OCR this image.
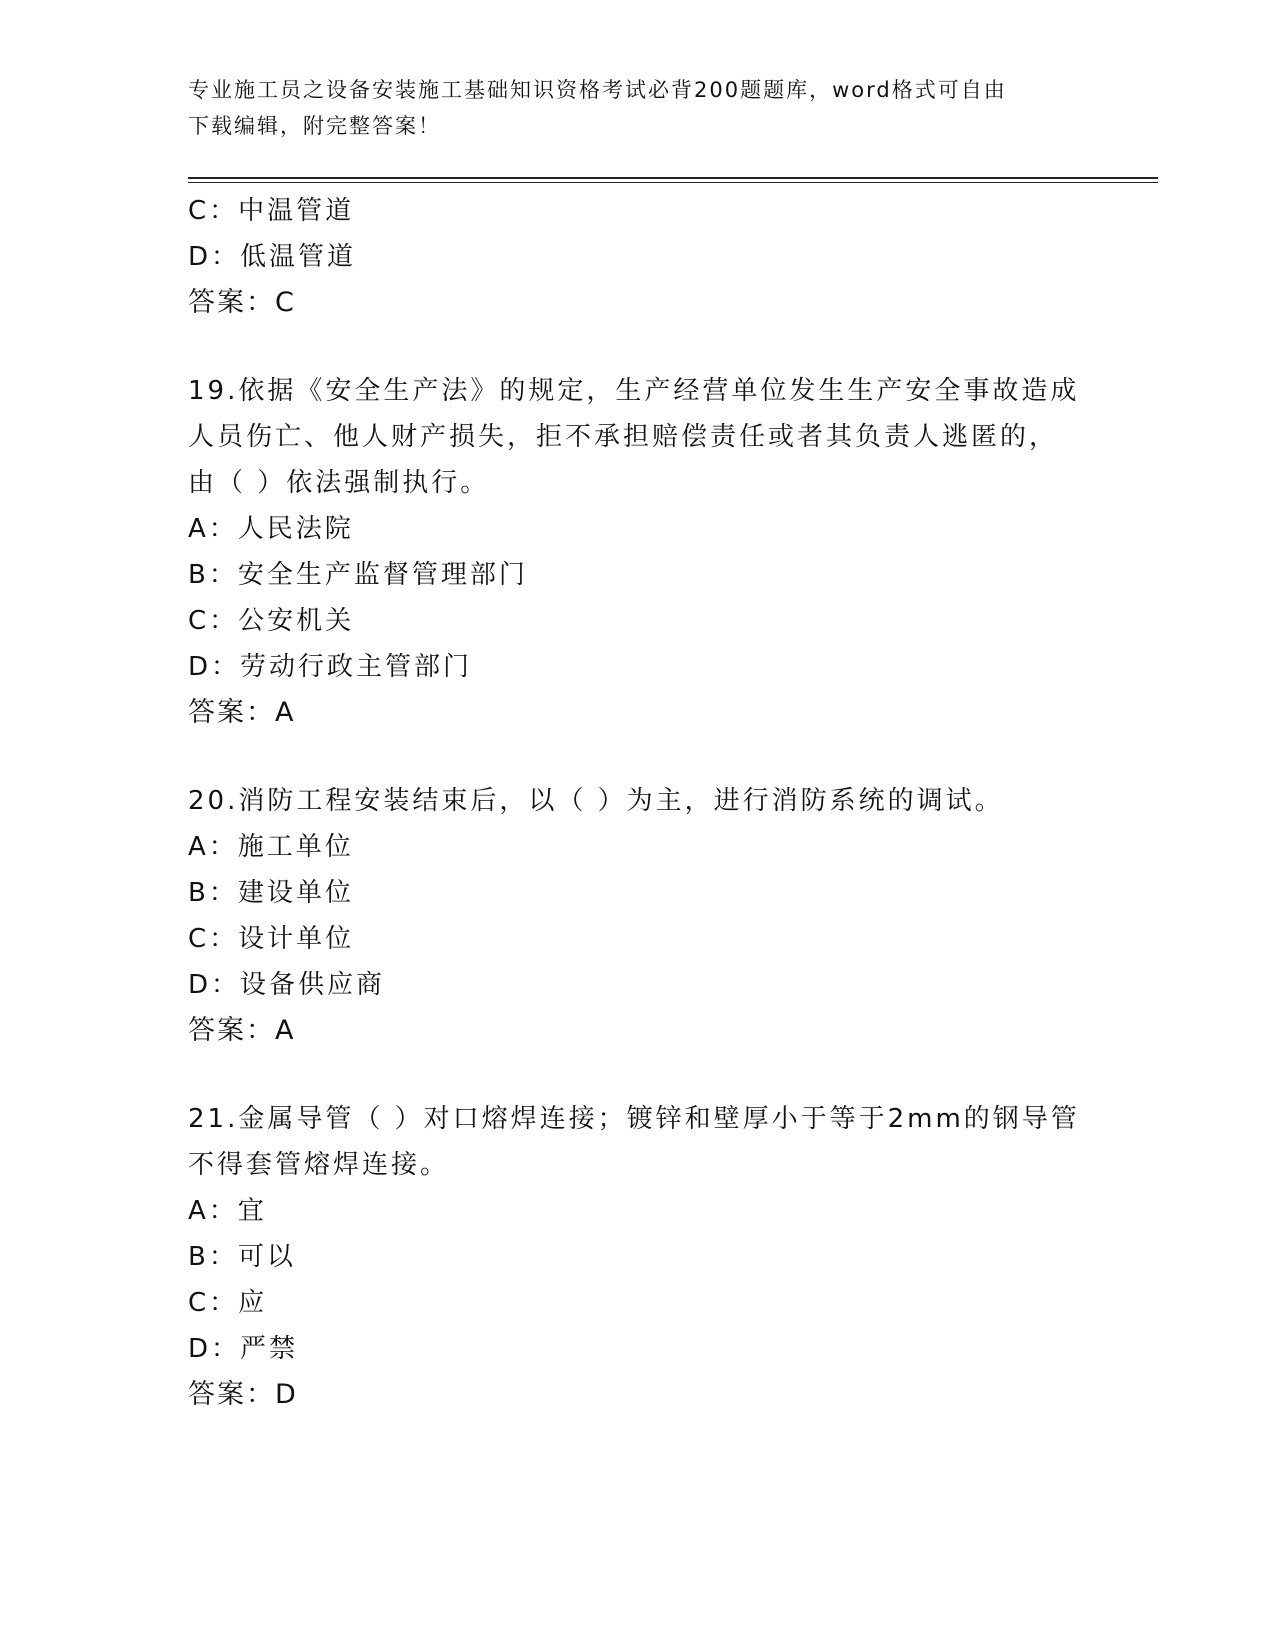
专业施工员之设备安装施工基础知识资格考试必背200题题库，word格式可自由
下载编辑，附完整答案！
C：中温管道
D：低温管道
答案：C
19.依据《安全生产法》的规定，生产经营单位发生生产安全事故造成
人员伤亡、他人财产损失，拒不承担赔偿责任或者其负责人逃匿的，
由（ ）依法强制执行。
A：人民法院
B：安全生产监督管理部门
C：公安机关
D：劳动行政主管部门
答案：A
20.消防工程安装结束后，以（ ）为主，进行消防系统的调试。
A：施工单位
B：建设单位
C：设计单位
D：设备供应商
答案：A
21.金属导管（ ）对口熔焊连接；镀锌和壁厚小于等于2mm的钢导管
不得套管熔焊连接。
A：宜
B：可以
C：应
D：严禁
答案：D
